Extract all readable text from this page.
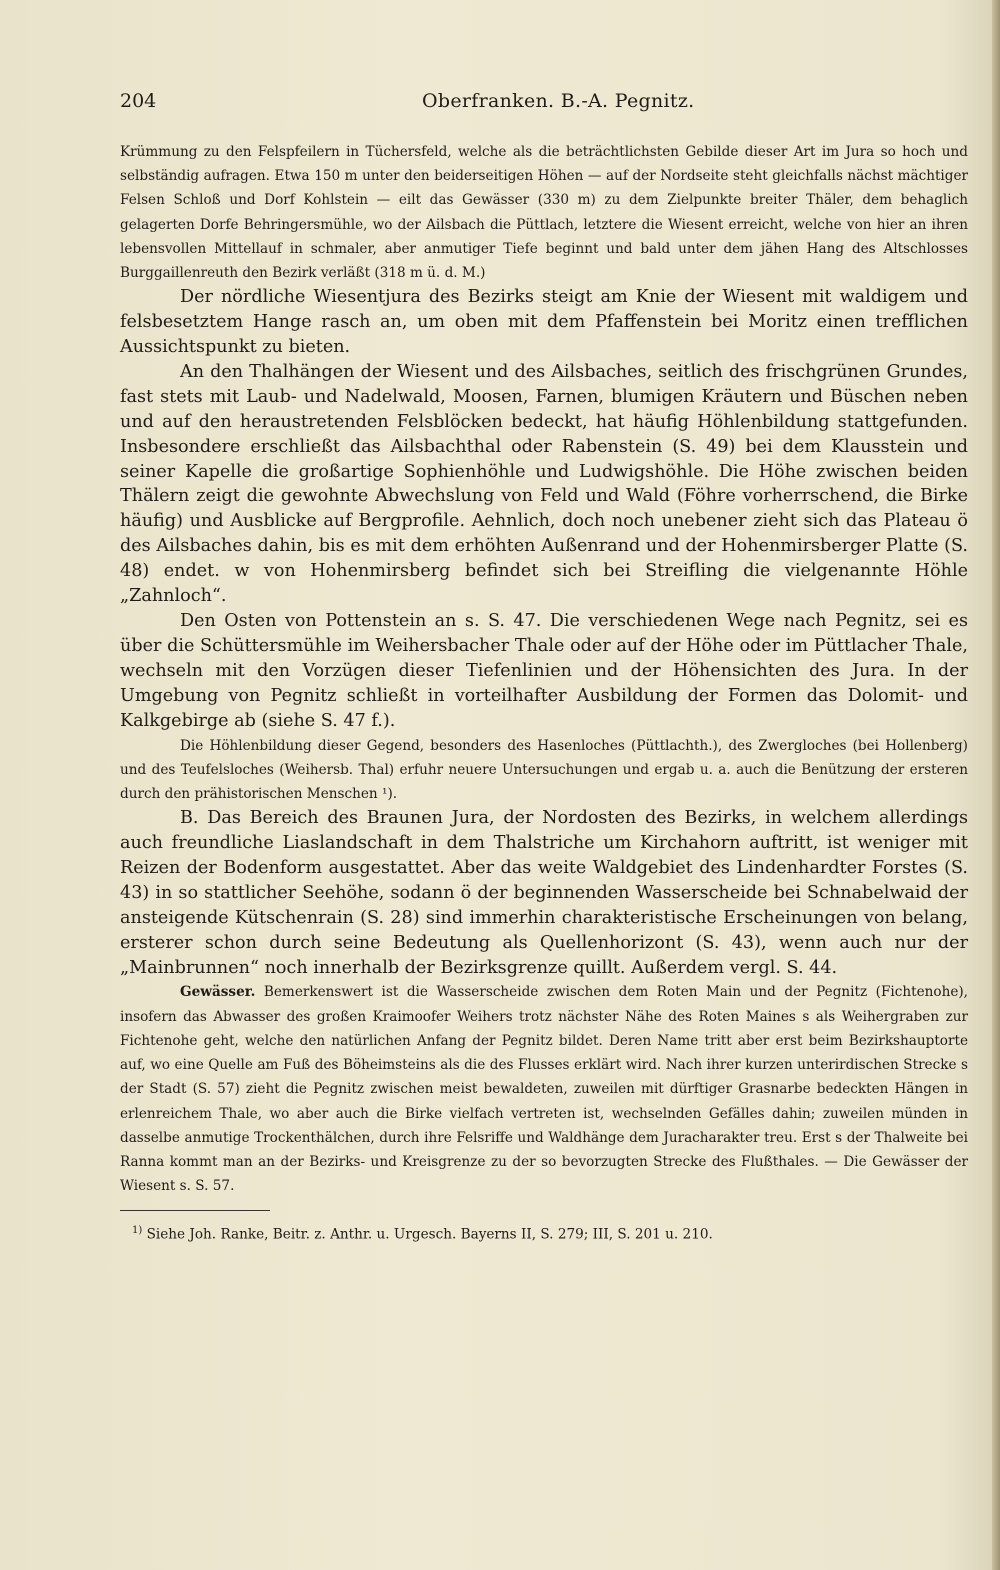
204	Oberfranken. B.-A. Pegnitz.

Krümmung zu den Felspfeilern in Tüchersfeld, welche als die beträchtlichsten Gebilde dieser Art im Jura so hoch und selbständig aufragen. Etwa 150 m unter den beiderseitigen Höhen — auf der Nordseite steht gleichfalls nächst mächtiger Felsen Schloß und Dorf Kohlstein — eilt das Gewässer (330 m) zu dem Zielpunkte breiter Thäler, dem behaglich gelagerten Dorfe Behringersmühle, wo der Ailsbach die Püttlach, letztere die Wiesent erreicht, welche von hier an ihren lebensvollen Mittellauf in schmaler, aber anmutiger Tiefe beginnt und bald unter dem jähen Hang des Altschlosses Burggaillenreuth den Bezirk verläßt (318 m ü. d. M.)

Der nördliche Wiesentjura des Bezirks steigt am Knie der Wiesent mit waldigem und felsbesetztem Hange rasch an, um oben mit dem Pfaffenstein bei Moritz einen trefflichen Aussichtspunkt zu bieten.

An den Thalhängen der Wiesent und des Ailsbaches, seitlich des frischgrünen Grundes, fast stets mit Laub- und Nadelwald, Moosen, Farnen, blumigen Kräutern und Büschen neben und auf den heraustretenden Felsblöcken bedeckt, hat häufig Höhlenbildung stattgefunden. Insbesondere erschließt das Ailsbachthal oder Rabenstein (S. 49) bei dem Klausstein und seiner Kapelle die großartige Sophienhöhle und Ludwigshöhle. Die Höhe zwischen beiden Thälern zeigt die gewohnte Abwechslung von Feld und Wald (Föhre vorherrschend, die Birke häufig) und Ausblicke auf Bergprofile. Aehnlich, doch noch unebener zieht sich das Plateau ö des Ailsbaches dahin, bis es mit dem erhöhten Außenrand und der Hohenmirsberger Platte (S. 48) endet. w von Hohenmirsberg befindet sich bei Streifling die vielgenannte Höhle „Zahnloch“.

Den Osten von Pottenstein an s. S. 47. Die verschiedenen Wege nach Pegnitz, sei es über die Schüttersmühle im Weihersbacher Thale oder auf der Höhe oder im Püttlacher Thale, wechseln mit den Vorzügen dieser Tiefenlinien und der Höhensichten des Jura. In der Umgebung von Pegnitz schließt in vorteilhafter Ausbildung der Formen das Dolomit- und Kalkgebirge ab (siehe S. 47 f.).

Die Höhlenbildung dieser Gegend, besonders des Hasenloches (Püttlachth.), des Zwergloches (bei Hollenberg) und des Teufelsloches (Weihersb. Thal) erfuhr neuere Untersuchungen und ergab u. a. auch die Benützung der ersteren durch den prähistorischen Menschen ¹).

B. Das Bereich des Braunen Jura, der Nordosten des Bezirks, in welchem allerdings auch freundliche Liaslandschaft in dem Thalstriche um Kirchahorn auftritt, ist weniger mit Reizen der Bodenform ausgestattet. Aber das weite Waldgebiet des Lindenhardter Forstes (S. 43) in so stattlicher Seehöhe, sodann ö der beginnenden Wasserscheide bei Schnabelwaid der ansteigende Kütschenrain (S. 28) sind immerhin charakteristische Erscheinungen von belang, ersterer schon durch seine Bedeutung als Quellenhorizont (S. 43), wenn auch nur der „Mainbrunnen“ noch innerhalb der Bezirksgrenze quillt. Außerdem vergl. S. 44.

Gewässer. Bemerkenswert ist die Wasserscheide zwischen dem Roten Main und der Pegnitz (Fichtenohe), insofern das Abwasser des großen Kraimoofer Weihers trotz nächster Nähe des Roten Maines s als Weihergraben zur Fichtenohe geht, welche den natürlichen Anfang der Pegnitz bildet. Deren Name tritt aber erst beim Bezirkshauptorte auf, wo eine Quelle am Fuß des Böheimsteins als die des Flusses erklärt wird. Nach ihrer kurzen unterirdischen Strecke s der Stadt (S. 57) zieht die Pegnitz zwischen meist bewaldeten, zuweilen mit dürftiger Grasnarbe bedeckten Hängen in erlenreichem Thale, wo aber auch die Birke vielfach vertreten ist, wechselnden Gefälles dahin; zuweilen münden in dasselbe anmutige Trockenthälchen, durch ihre Felsriffe und Waldhänge dem Juracharakter treu. Erst s der Thalweite bei Ranna kommt man an der Bezirks- und Kreisgrenze zu der so bevorzugten Strecke des Flußthales. — Die Gewässer der Wiesent s. S. 57.

$^{1)}$ Siehe Joh. Ranke, Beitr. z. Anthr. u. Urgesch. Bayerns II, S. 279; III, S. 201 u. 210.
